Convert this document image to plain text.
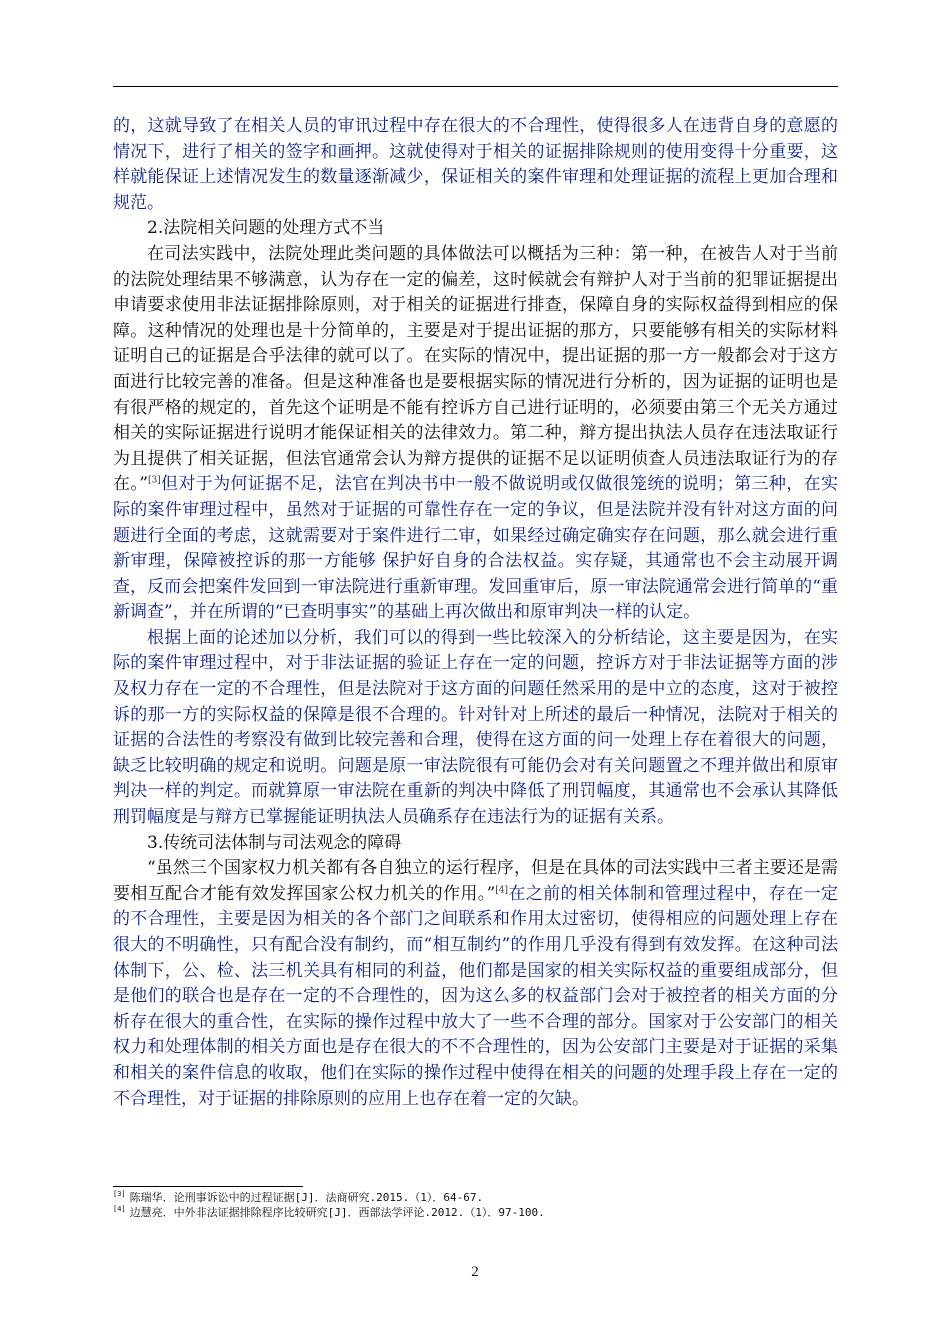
的，这就导致了在相关人员的审讯过程中存在很大的不合理性，使得很多人在违背自身的意愿的情况下，进行了相关的签字和画押。这就使得对于相关的证据排除规则的使用变得十分重要，这样就能保证上述情况发生的数量逐渐减少，保证相关的案件审理和处理证据的流程上更加合理和规范。

2.法院相关问题的处理方式不当

在司法实践中，法院处理此类问题的具体做法可以概括为三种：第一种，在被告人对于当前的法院处理结果不够满意，认为存在一定的偏差，这时候就会有辩护人对于当前的犯罪证据提出申请要求使用非法证据排除原则，对于相关的证据进行排查，保障自身的实际权益得到相应的保障。这种情况的处理也是十分简单的，主要是对于提出证据的那方，只要能够有相关的实际材料证明自己的证据是合乎法律的就可以了。在实际的情况中，提出证据的那一方一般都会对于这方面进行比较完善的准备。但是这种准备也是要根据实际的情况进行分析的，因为证据的证明也是有很严格的规定的，首先这个证明是不能有控诉方自己进行证明的，必须要由第三个无关方通过相关的实际证据进行说明才能保证相关的法律效力。第二种，辩方提出执法人员存在违法取证行为且提供了相关证据，但法官通常会认为辩方提供的证据不足以证明侦查人员违法取证行为的存在。”[3]但对于为何证据不足，法官在判决书中一般不做说明或仅做很笼统的说明；第三种，在实际的案件审理过程中，虽然对于证据的可靠性存在一定的争议，但是法院并没有针对这方面的问题进行全面的考虑，这就需要对于案件进行二审，如果经过确定确实存在问题，那么就会进行重新审理，保障被控诉的那一方能够 保护好自身的合法权益。实存疑，其通常也不会主动展开调查，反而会把案件发回到一审法院进行重新审理。发回重审后，原一审法院通常会进行简单的“重新调查”，并在所谓的“已查明事实”的基础上再次做出和原审判决一样的认定。

根据上面的论述加以分析，我们可以的得到一些比较深入的分析结论，这主要是因为，在实际的案件审理过程中，对于非法证据的验证上存在一定的问题，控诉方对于非法证据等方面的涉及权力存在一定的不合理性，但是法院对于这方面的问题任然采用的是中立的态度，这对于被控诉的那一方的实际权益的保障是很不合理的。针对针对上所述的最后一种情况，法院对于相关的证据的合法性的考察没有做到比较完善和合理，使得在这方面的问一处理上存在着很大的问题，缺乏比较明确的规定和说明。问题是原一审法院很有可能仍会对有关问题置之不理并做出和原审判决一样的判定。而就算原一审法院在重新的判决中降低了刑罚幅度，其通常也不会承认其降低刑罚幅度是与辩方已掌握能证明执法人员确系存在违法行为的证据有关系。

3.传统司法体制与司法观念的障碍

“虽然三个国家权力机关都有各自独立的运行程序，但是在具体的司法实践中三者主要还是需要相互配合才能有效发挥国家公权力机关的作用。”[4]在之前的相关体制和管理过程中，存在一定的不合理性，主要是因为相关的各个部门之间联系和作用太过密切，使得相应的问题处理上存在很大的不明确性，只有配合没有制约，而“相互制约”的作用几乎没有得到有效发挥。在这种司法体制下，公、检、法三机关具有相同的利益，他们都是国家的相关实际权益的重要组成部分，但是他们的联合也是存在一定的不合理性的，因为这么多的权益部门会对于被控者的相关方面的分析存在很大的重合性，在实际的操作过程中放大了一些不合理的部分。国家对于公安部门的相关权力和处理体制的相关方面也是存在很大的不不合理性的，因为公安部门主要是对于证据的采集和相关的案件信息的收取，他们在实际的操作过程中使得在相关的问题的处理手段上存在一定的不合理性，对于证据的排除原则的应用上也存在着一定的欠缺。

[3] 陈瑞华．论刑事诉讼中的过程证据[J]．法商研究.2015.（1）．64-67.

[4] 边慧亮．中外非法证据排除程序比较研究[J]．西部法学评论.2012.（1）．97-100.

2
